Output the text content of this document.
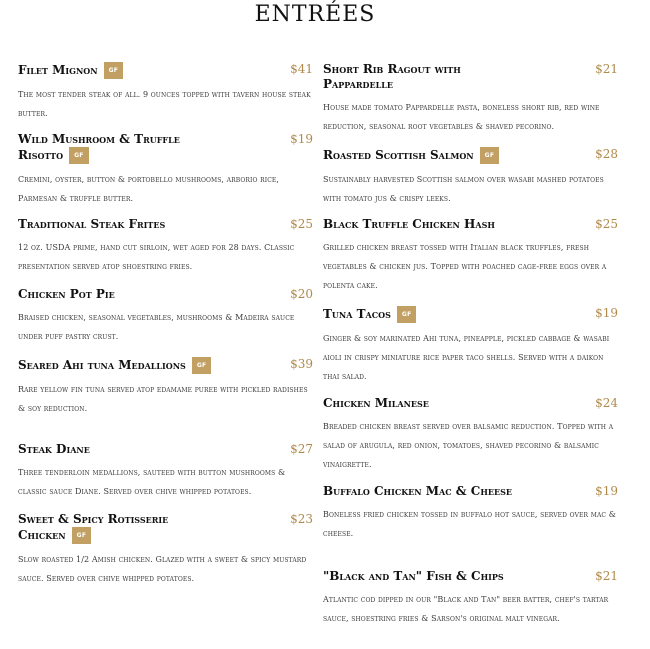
ENTRÉES
Filet Mignon GF	$41
The most tender steak of all. 9 ounces topped with tavern house steak butter.
Wild Mushroom & Truffle Risotto GF
$19
Cremini, oyster, button & portobello mushrooms, arborio rice, Parmesan & truffle butter.
Traditional Steak Frites	$25
12 oz. USDA prime, hand cut sirloin, wet aged for 28 days. Classic presentation served atop shoestring fries.
Chicken Pot Pie	$20
Braised chicken, seasonal vegetables, mushrooms & Madeira sauce under puff pastry crust.
Seared Ahi tuna Medallions GF	$39
Rare yellow fin tuna served atop edamame puree with pickled radishes & soy reduction.
Steak Diane	$27
Three tenderloin medallions, sauteed with button mushrooms & classic sauce Diane. Served over chive whipped potatoes.
Sweet & Spicy Rotisserie Chicken GF
$23
Slow roasted 1/2 Amish chicken. Glazed with a sweet & spicy mustard sauce. Served over chive whipped potatoes.
Short Rib Ragout with Pappardelle
$21
House made tomato Pappardelle pasta, boneless short rib, red wine reduction, seasonal root vegetables & shaved pecorino.
Roasted Scottish Salmon GF	$28
Sustainably harvested Scottish salmon over wasabi mashed potatoes with tomato jus & crispy leeks.
Black Truffle Chicken Hash	$25
Grilled chicken breast tossed with Italian black truffles, fresh vegetables & chicken jus. Topped with poached cage-free eggs over a polenta cake.
Tuna Tacos GF	$19
Ginger & soy marinated Ahi tuna, pineapple, pickled cabbage & wasabi aioli in crispy miniature rice paper taco shells. Served with a daikon thai salad.
Chicken Milanese	$24
Breaded chicken breast served over balsamic reduction. Topped with a salad of arugula, red onion, tomatoes, shaved pecorino & balsamic vinaigrette.
Buffalo Chicken Mac & Cheese	$19
Boneless fried chicken tossed in buffalo hot sauce, served over mac & cheese.
"Black and Tan" Fish & Chips	$21
Atlantic cod dipped in our "Black and Tan" beer batter, chef's tartar sauce, shoestring fries & Sarson's original malt vinegar.
